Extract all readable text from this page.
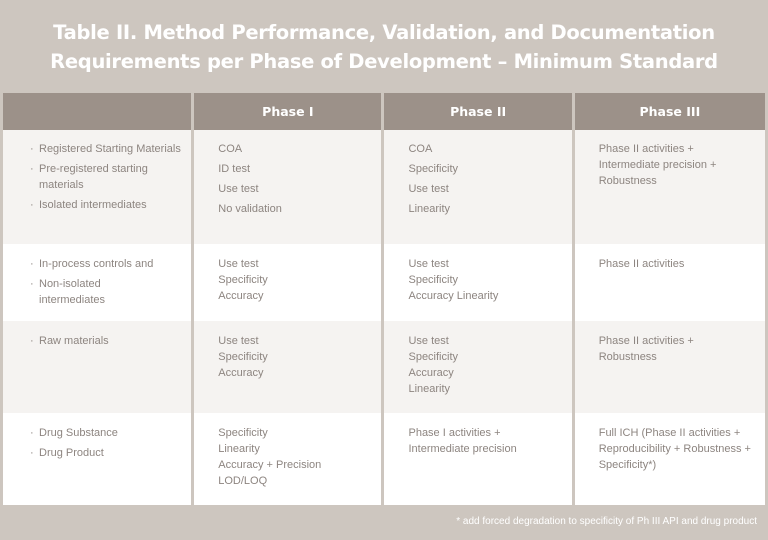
Table II. Method Performance, Validation, and Documentation
Requirements per Phase of Development – Minimum Standard
	Phase I	Phase II	Phase III

· Registered Starting Materials
· Pre-registered starting materials
· Isolated intermediates	COA
ID test
Use test
No validation	COA
Specificity
Use test
Linearity	Phase II activities + Intermediate precision + Robustness

· In-process controls and
· Non-isolated intermediates	Use test
Specificity
Accuracy	Use test
Specificity
Accuracy Linearity	Phase II activities

· Raw materials	Use test
Specificity
Accuracy	Use test
Specificity
Accuracy
Linearity	Phase II activities + Robustness

· Drug Substance
· Drug Product	Specificity
Linearity
Accuracy + Precision
LOD/LOQ	Phase I activities + Intermediate precision	Full ICH (Phase II activities + Reproducibility + Robustness + Specificity*)
* add forced degradation to specificity of Ph III API and drug product
